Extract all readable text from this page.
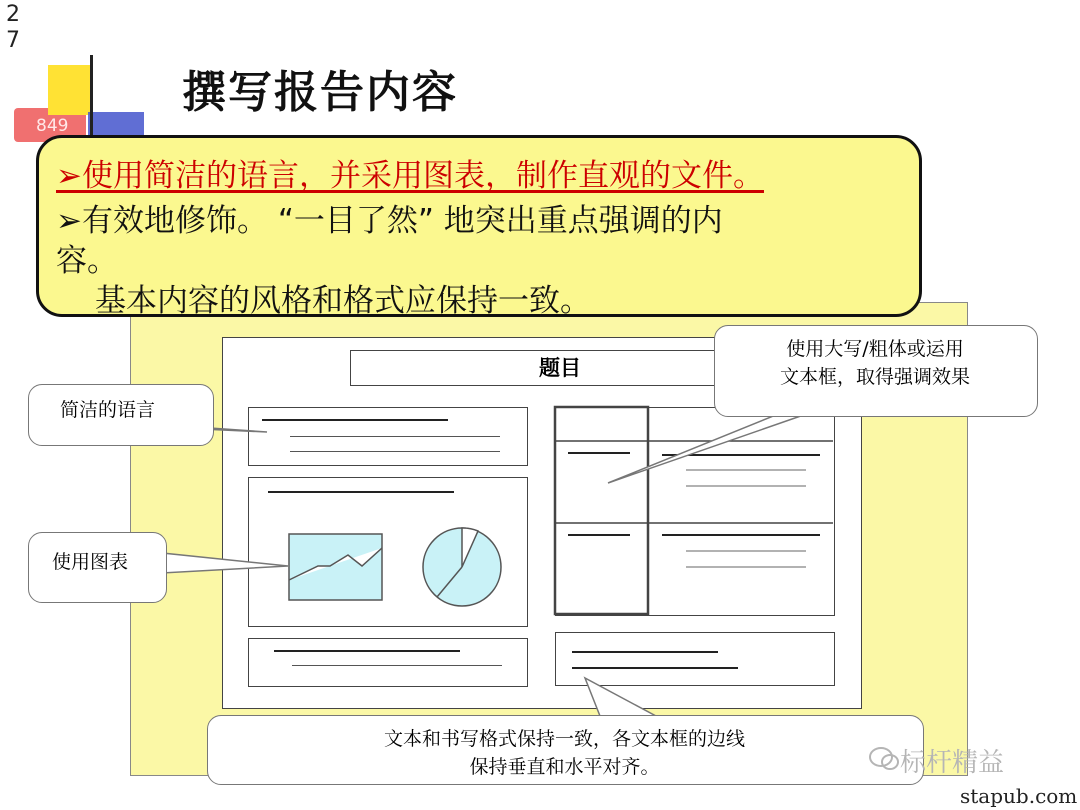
2
7
849
撰写报告内容
题目
简洁的语言
使用图表
使用大写/粗体或运用
文本框，取得强调效果
文本和书写格式保持一致，各文本框的边线
保持垂直和水平对齐。
➢使用简洁的语言，并采用图表，制作直观的文件。
➢有效地修饰。 “一目了然” 地突出重点强调的内
容。
基本内容的风格和格式应保持一致。
标杆精益
stapub.com
